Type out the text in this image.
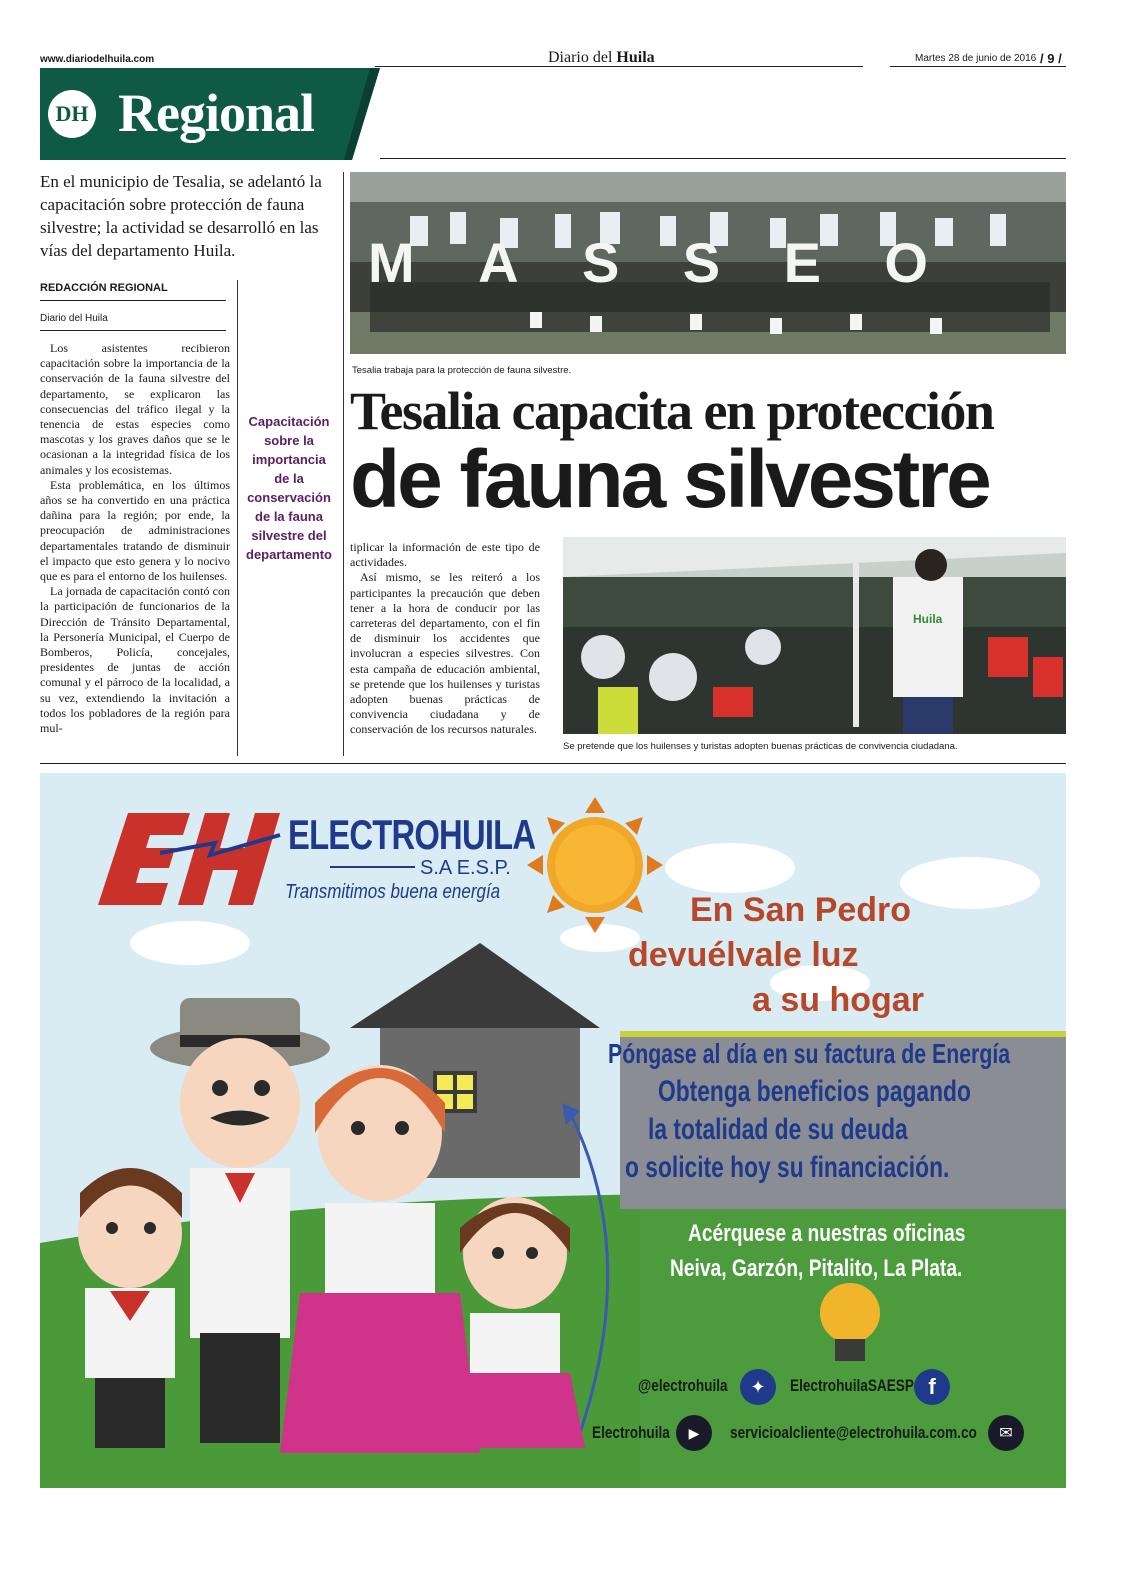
www.diariodelhuila.com	Diario del Huila	Martes 28 de junio de 2016 / 9 /
DH Regional
En el municipio de Tesalia, se adelantó la capacitación sobre protección de fauna silvestre; la actividad se desarrolló en las vías del departamento Huila.
REDACCIÓN REGIONAL
Diario del Huila

Los asistentes recibieron capacitación sobre la importancia de la conservación de la fauna silvestre del departamento, se explicaron las consecuencias del tráfico ilegal y la tenencia de estas especies como mascotas y los graves daños que se le ocasionan a la integridad física de los animales y los ecosistemas.

Esta problemática, en los últimos años se ha convertido en una práctica dañina para la región; por ende, la preocupación de administraciones departamentales tratando de disminuir el impacto que esto genera y lo nocivo que es para el entorno de los huilenses.

La jornada de capacitación contó con la participación de funcionarios de la Dirección de Tránsito Departamental, la Personería Municipal, el Cuerpo de Bomberos, Policía, concejales, presidentes de juntas de acción comunal y el párroco de la localidad, a su vez, extendiendo la invitación a todos los pobladores de la región para mul-

Capacitación sobre la importancia de la conservación de la fauna silvestre del departamento
M A S S E O
Tesalia trabaja para la protección de fauna silvestre.
Tesalia capacita en protección
de fauna silvestre

tiplicar la información de este tipo de actividades.

Así mismo, se les reiteró a los participantes la precaución que deben tener a la hora de conducir por las carreteras del departamento, con el fin de disminuir los accidentes que involucran a especies silvestres. Con esta campaña de educación ambiental, se pretende que los huilenses y turistas adopten buenas prácticas de convivencia ciudadana y de conservación de los recursos naturales.

Huila
Se pretende que los huilenses y turistas adopten buenas prácticas de convivencia ciudadana.
ELECTROHUILA
S.A E.S.P.
Transmitimos buena energía	En San Pedro
devuélvale luz
a su hogar
Póngase al día en su factura de Energía
Obtenga beneficios pagando
la totalidad de su deuda
o solicite hoy su financiación.
Acérquese a nuestras oficinas
Neiva, Garzón, Pitalito, La Plata.
@electrohuila	✦	ElectrohuilaSAESP f
Electrohuila	▶	servicioalcliente@electrohuila.com.co	✉
